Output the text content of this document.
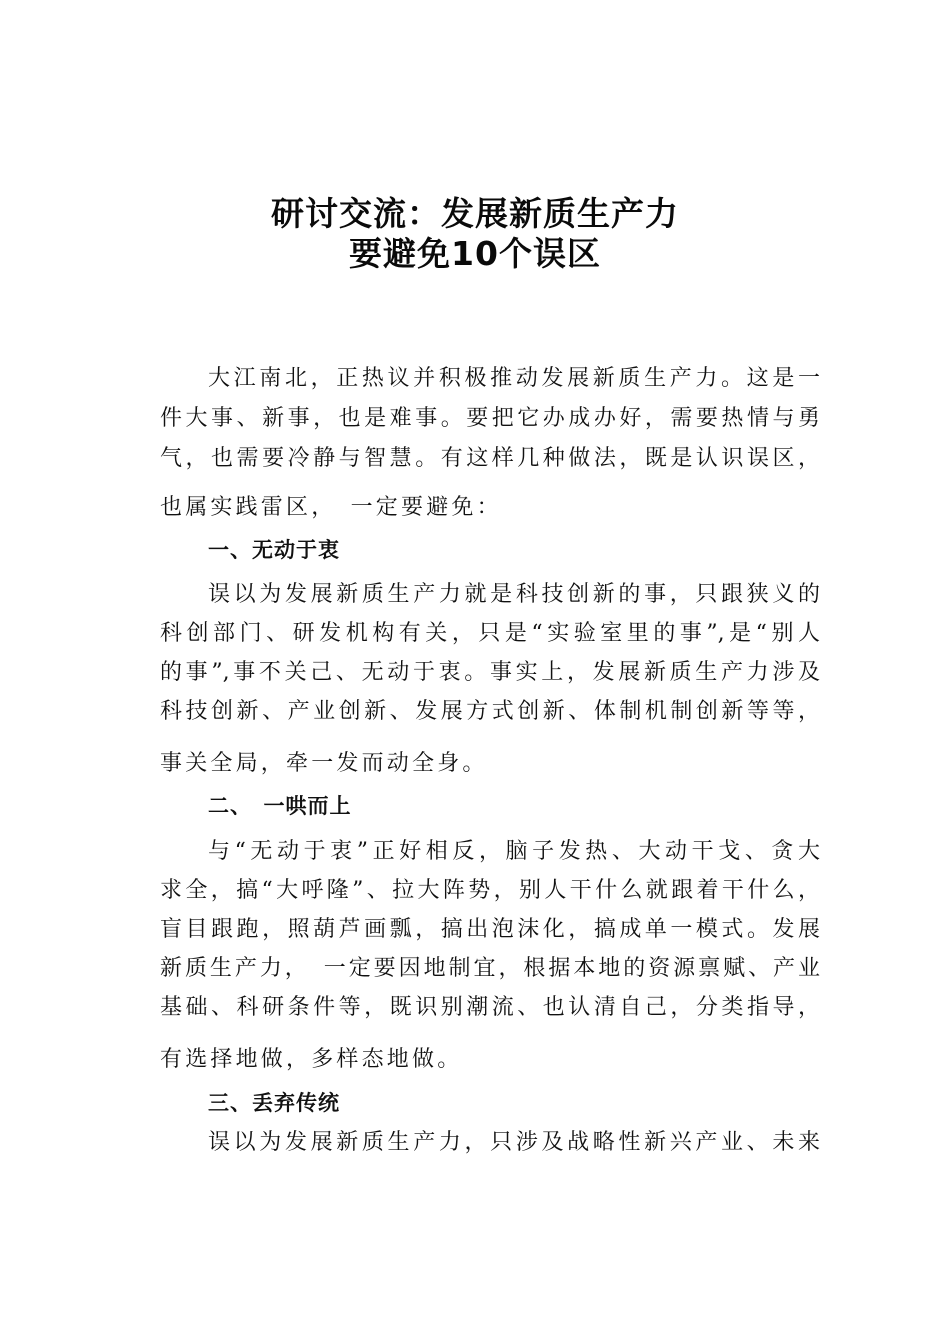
研讨交流：发展新质生产力
要避免10个误区
大江南北，正热议并积极推动发展新质生产力。这是一
件大事、新事，也是难事。要把它办成办好，需要热情与勇
气，也需要冷静与智慧。有这样几种做法，既是认识误区，
也属实践雷区，　一定要避免：
一、无动于衷
误以为发展新质生产力就是科技创新的事，只跟狭义的
科创部门、研发机构有关，只是“实验室里的事”,是“别人
的事”,事不关己、无动于衷。事实上，发展新质生产力涉及
科技创新、产业创新、发展方式创新、体制机制创新等等，
事关全局，牵一发而动全身。
二、　一哄而上
与“无动于衷”正好相反，脑子发热、大动干戈、贪大
求全，搞“大呼隆”、拉大阵势，别人干什么就跟着干什么，
盲目跟跑，照葫芦画瓢，搞出泡沫化，搞成单一模式。发展
新质生产力，　一定要因地制宜，根据本地的资源禀赋、产业
基础、科研条件等，既识别潮流、也认清自己，分类指导，
有选择地做，多样态地做。
三、丢弃传统
误以为发展新质生产力，只涉及战略性新兴产业、未来
